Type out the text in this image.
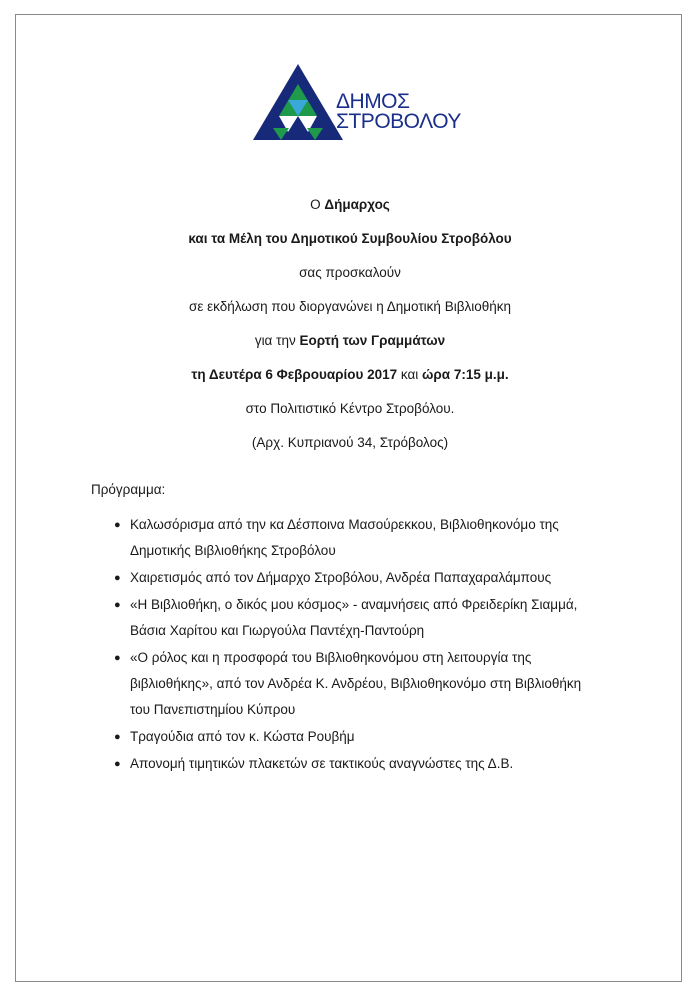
ΔΗΜΟΣ
ΣΤΡΟΒΟΛΟΥ
Ο Δήμαρχος
και τα Μέλη του Δημοτικού Συμβουλίου Στροβόλου
σας προσκαλούν
σε εκδήλωση που διοργανώνει η Δημοτική Βιβλιοθήκη
για την Εορτή των Γραμμάτων
τη Δευτέρα 6 Φεβρουαρίου 2017 και ώρα 7:15 μ.μ.
στο Πολιτιστικό Κέντρο Στροβόλου.
(Αρχ. Κυπριανού 34, Στρόβολος)
Πρόγραμμα:
● Καλωσόρισμα από την κα Δέσποινα Μασούρεκκου, Βιβλιοθηκονόμο της
Δημοτικής Βιβλιοθήκης Στροβόλου
● Χαιρετισμός από τον Δήμαρχο Στροβόλου, Ανδρέα Παπαχαραλάμπους
● «Η Βιβλιοθήκη, ο δικός μου κόσμος» - αναμνήσεις από Φρειδερίκη Σιαμμά,
Βάσια Χαρίτου και Γιωργούλα Παντέχη-Παντούρη
● «Ο ρόλος και η προσφορά του Βιβλιοθηκονόμου στη λειτουργία της
βιβλιοθήκης», από τον Ανδρέα Κ. Ανδρέου, Βιβλιοθηκονόμο στη Βιβλιοθήκη
του Πανεπιστημίου Κύπρου
● Τραγούδια από τον κ. Κώστα Ρουβήμ
● Απονομή τιμητικών πλακετών σε τακτικούς αναγνώστες της Δ.Β.
